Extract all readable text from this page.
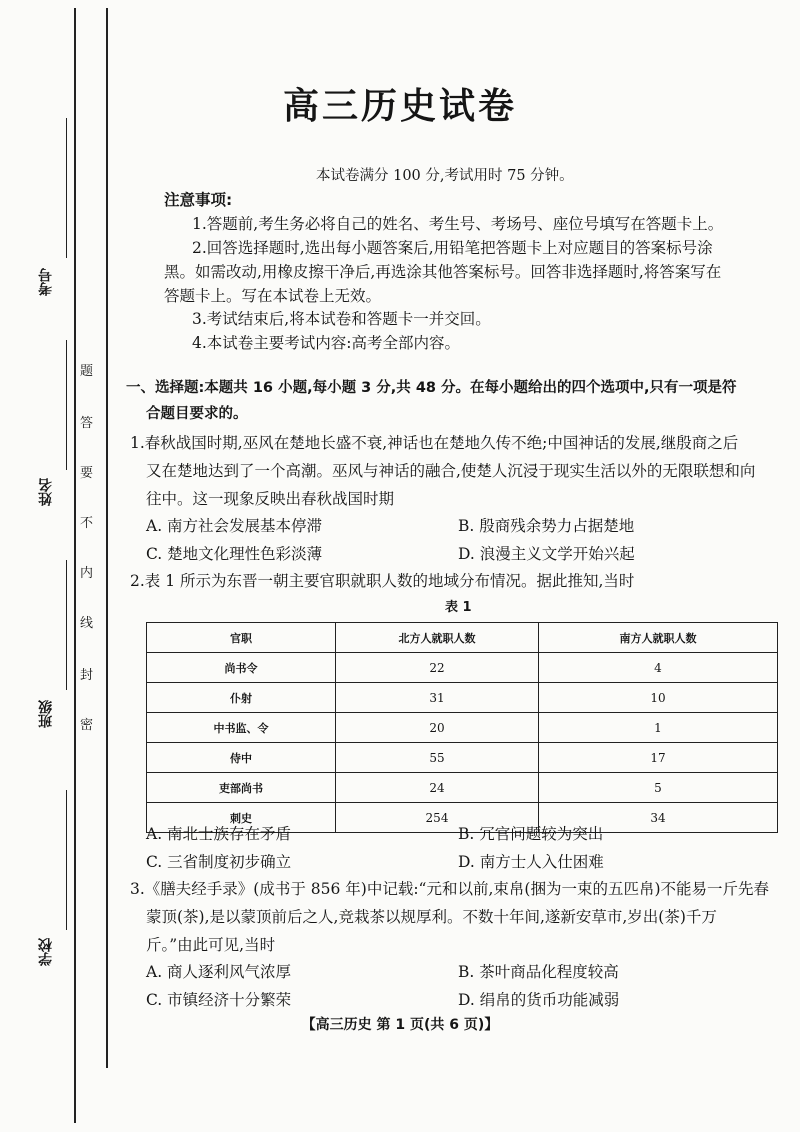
考号
姓名
班级
学校
题
答
要
不
内
线
封
密
高三历史试卷
本试卷满分 100 分,考试用时 75 分钟。
注意事项:
1.答题前,考生务必将自己的姓名、考生号、考场号、座位号填写在答题卡上。
2.回答选择题时,选出每小题答案后,用铅笔把答题卡上对应题目的答案标号涂
黑。如需改动,用橡皮擦干净后,再选涂其他答案标号。回答非选择题时,将答案写在
答题卡上。写在本试卷上无效。
3.考试结束后,将本试卷和答题卡一并交回。
4.本试卷主要考试内容:高考全部内容。
一、选择题:本题共 16 小题,每小题 3 分,共 48 分。在每小题给出的四个选项中,只有一项是符
合题目要求的。
1.春秋战国时期,巫风在楚地长盛不衰,神话也在楚地久传不绝;中国神话的发展,继殷商之后
又在楚地达到了一个高潮。巫风与神话的融合,使楚人沉浸于现实生活以外的无限联想和向
往中。这一现象反映出春秋战国时期
A. 南方社会发展基本停滞	B. 殷商残余势力占据楚地
C. 楚地文化理性色彩淡薄	D. 浪漫主义文学开始兴起
2.表 1 所示为东晋一朝主要官职就职人数的地域分布情况。据此推知,当时
表 1
官职	北方人就职人数	南方人就职人数
尚书令	22	4
仆射	31	10
中书监、令	20	1
侍中	55	17
吏部尚书	24	5
刺史	254	34
A. 南北士族存在矛盾	B. 冗官问题较为突出
C. 三省制度初步确立	D. 南方士人入仕困难
3.《膳夫经手录》(成书于 856 年)中记载:“元和以前,束帛(捆为一束的五匹帛)不能易一斤先春
蒙顶(茶),是以蒙顶前后之人,竞栽茶以规厚利。不数十年间,遂新安草市,岁出(茶)千万
斤。”由此可见,当时
A. 商人逐利风气浓厚	B. 茶叶商品化程度较高
C. 市镇经济十分繁荣	D. 绢帛的货币功能减弱
【高三历史 第 1 页(共 6 页)】
